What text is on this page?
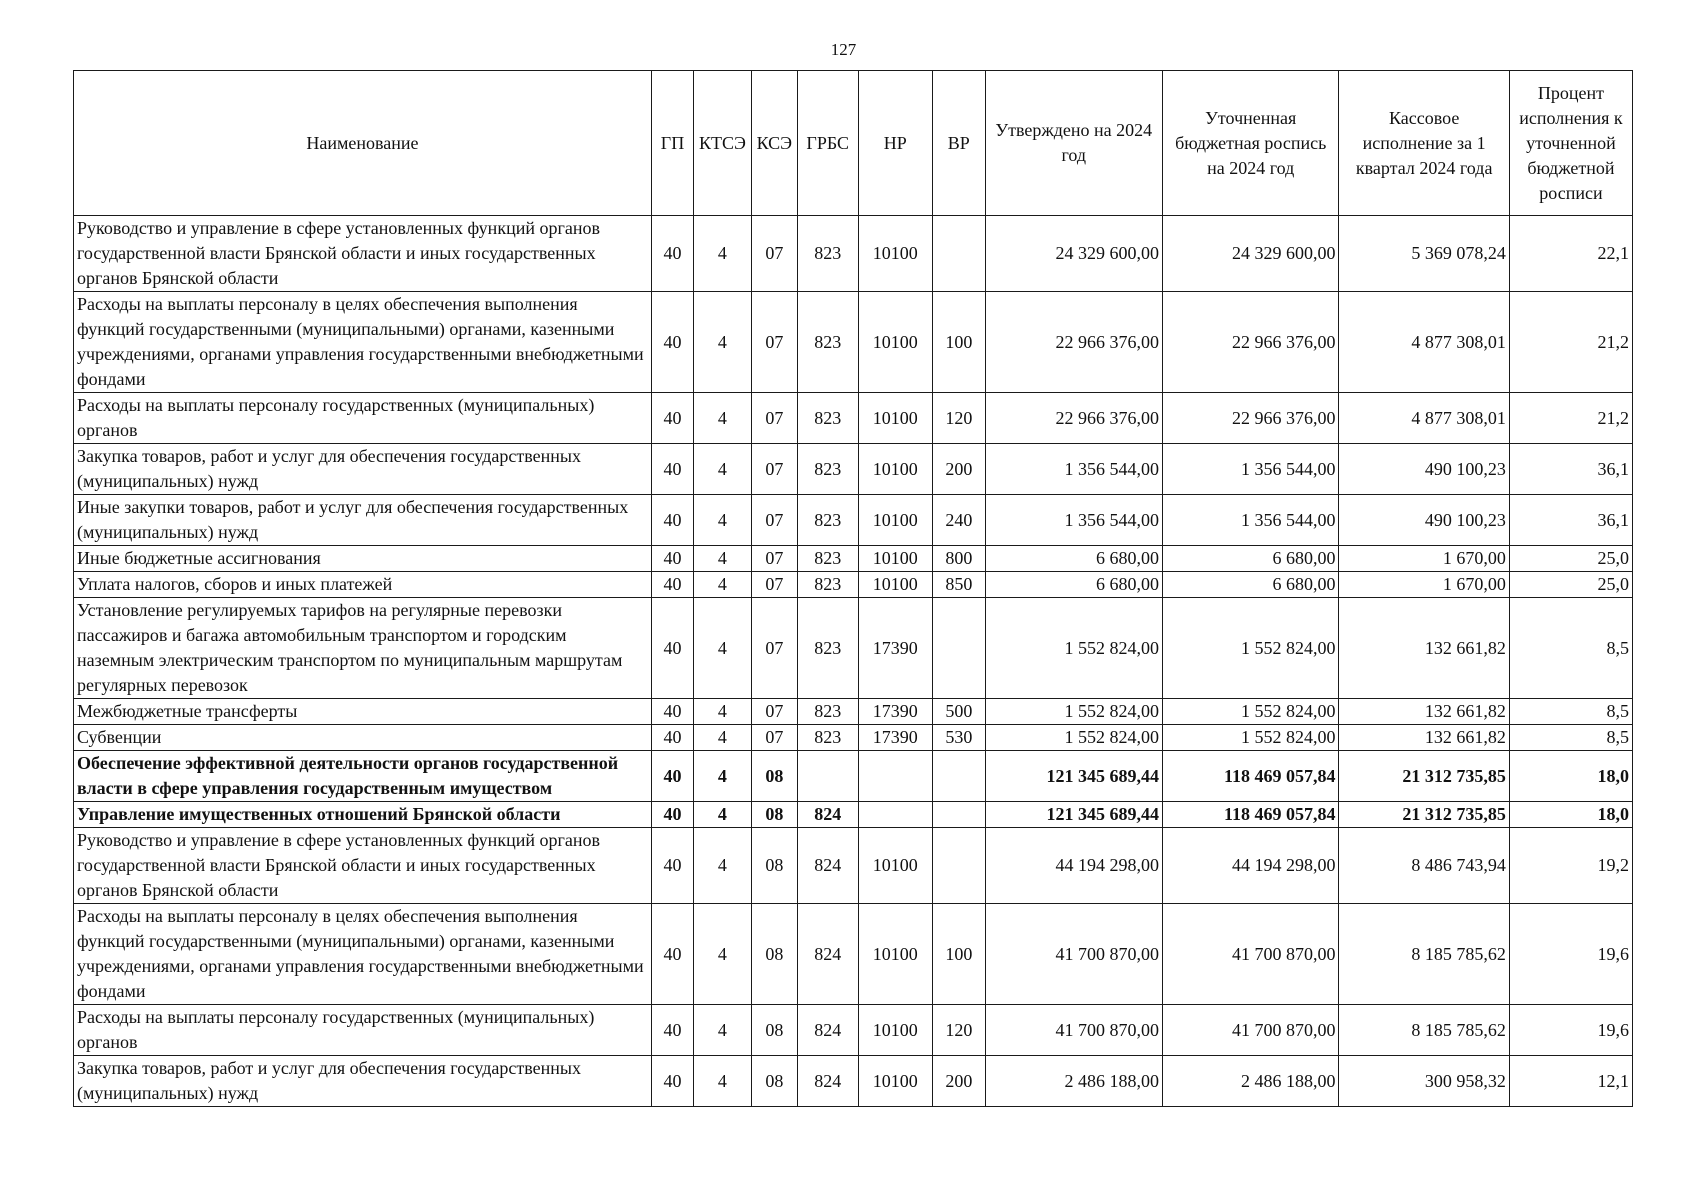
127
Наименование	ГП	КТСЭ	КСЭ	ГРБС	НР	ВР	Утверждено на 2024 год	Уточненная бюджетная роспись на 2024 год	Кассовое исполнение за 1 квартал 2024 года	Процент исполнения к уточненной бюджетной росписи
Руководство и управление в сфере установленных функций органов государственной власти Брянской области и иных государственных органов Брянской области	40	4	07	823	10100		24 329 600,00	24 329 600,00	5 369 078,24	22,1
Расходы на выплаты персоналу в целях обеспечения выполнения функций государственными (муниципальными) органами, казенными учреждениями, органами управления государственными внебюджетными фондами	40	4	07	823	10100	100	22 966 376,00	22 966 376,00	4 877 308,01	21,2
Расходы на выплаты персоналу государственных (муниципальных) органов	40	4	07	823	10100	120	22 966 376,00	22 966 376,00	4 877 308,01	21,2
Закупка товаров, работ и услуг для обеспечения государственных (муниципальных) нужд	40	4	07	823	10100	200	1 356 544,00	1 356 544,00	490 100,23	36,1
Иные закупки товаров, работ и услуг для обеспечения государственных (муниципальных) нужд	40	4	07	823	10100	240	1 356 544,00	1 356 544,00	490 100,23	36,1
Иные бюджетные ассигнования	40	4	07	823	10100	800	6 680,00	6 680,00	1 670,00	25,0
Уплата налогов, сборов и иных платежей	40	4	07	823	10100	850	6 680,00	6 680,00	1 670,00	25,0
Установление регулируемых тарифов на регулярные перевозки пассажиров и багажа автомобильным транспортом и городским наземным электрическим транспортом по муниципальным маршрутам регулярных перевозок	40	4	07	823	17390		1 552 824,00	1 552 824,00	132 661,82	8,5
Межбюджетные трансферты	40	4	07	823	17390	500	1 552 824,00	1 552 824,00	132 661,82	8,5
Субвенции	40	4	07	823	17390	530	1 552 824,00	1 552 824,00	132 661,82	8,5
Обеспечение эффективной деятельности органов государственной власти в сфере управления государственным имуществом	40	4	08				121 345 689,44	118 469 057,84	21 312 735,85	18,0
Управление имущественных отношений Брянской области	40	4	08	824			121 345 689,44	118 469 057,84	21 312 735,85	18,0
Руководство и управление в сфере установленных функций органов государственной власти Брянской области и иных государственных органов Брянской области	40	4	08	824	10100		44 194 298,00	44 194 298,00	8 486 743,94	19,2
Расходы на выплаты персоналу в целях обеспечения выполнения функций государственными (муниципальными) органами, казенными учреждениями, органами управления государственными внебюджетными фондами	40	4	08	824	10100	100	41 700 870,00	41 700 870,00	8 185 785,62	19,6
Расходы на выплаты персоналу государственных (муниципальных) органов	40	4	08	824	10100	120	41 700 870,00	41 700 870,00	8 185 785,62	19,6
Закупка товаров, работ и услуг для обеспечения государственных (муниципальных) нужд	40	4	08	824	10100	200	2 486 188,00	2 486 188,00	300 958,32	12,1
